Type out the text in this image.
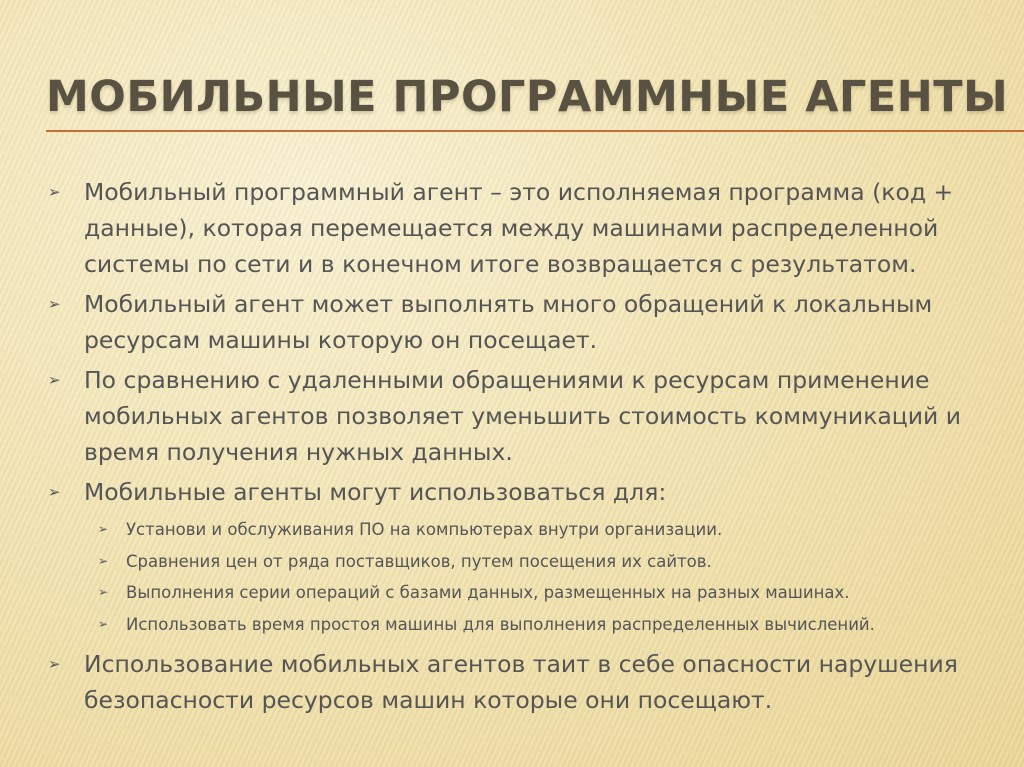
МОБИЛЬНЫЕ ПРОГРАММНЫЕ АГЕНТЫ
➢ Мобильный программный агент – это исполняемая программа (код + данные), которая перемещается между машинами распределенной системы по сети и в конечном итоге возвращается с результатом.
➢ Мобильный агент может выполнять много обращений к локальным ресурсам машины которую он посещает.
➢ По сравнению с удаленными обращениями к ресурсам применение мобильных агентов позволяет уменьшить стоимость коммуникаций и время получения нужных данных.
➢ Мобильные агенты могут использоваться для:
➢ Установи и обслуживания ПО на компьютерах внутри организации.
➢ Сравнения цен от ряда поставщиков, путем посещения их сайтов.
➢ Выполнения серии операций с базами данных, размещенных на разных машинах.
➢ Использовать время простоя машины для выполнения распределенных вычислений.
➢ Использование мобильных агентов таит в себе опасности нарушения безопасности ресурсов машин которые они посещают.
